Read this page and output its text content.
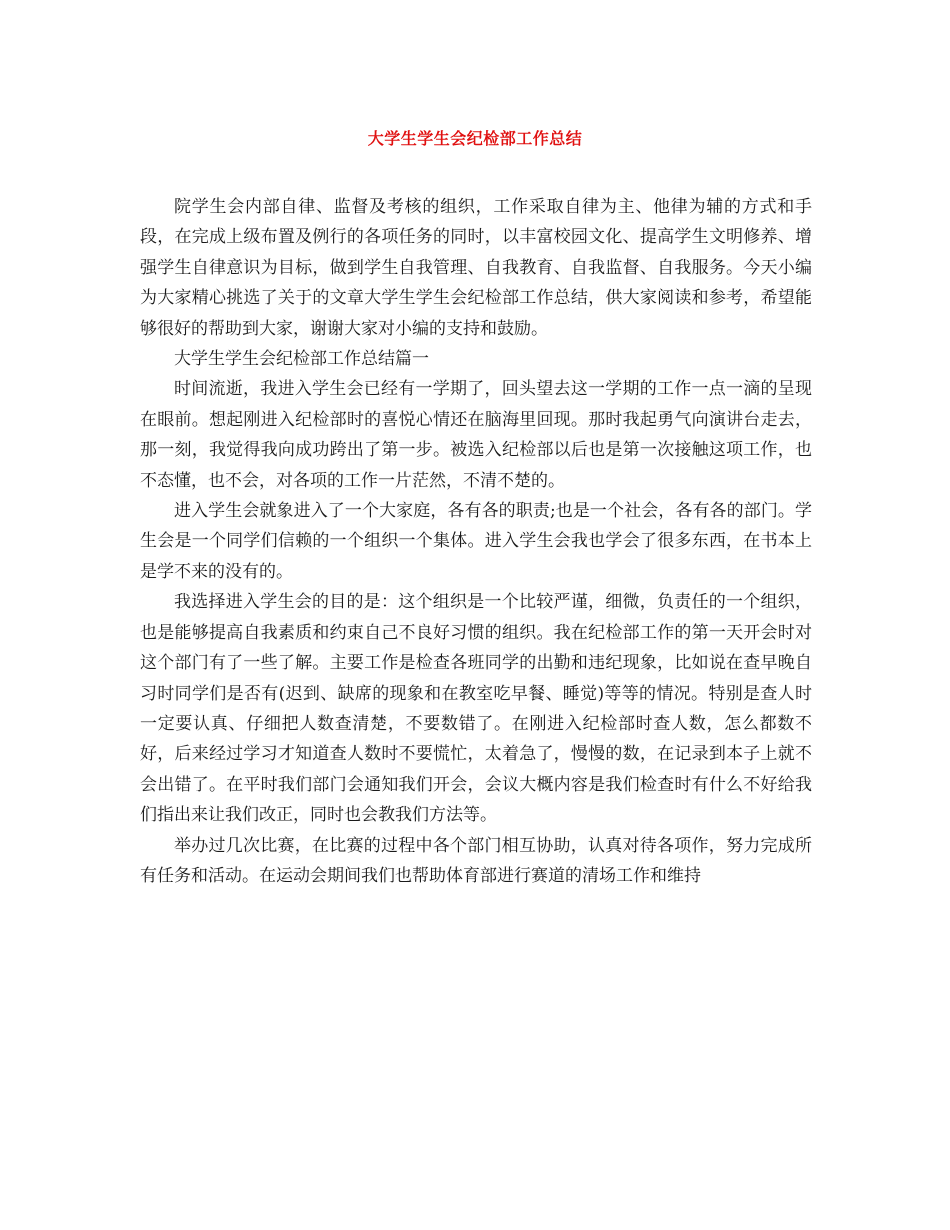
大学生学生会纪检部工作总结

院学生会内部自律、监督及考核的组织，工作采取自律为主、他律为辅的方式和手段，在完成上级布置及例行的各项任务的同时，以丰富校园文化、提高学生文明修养、增强学生自律意识为目标，做到学生自我管理、自我教育、自我监督、自我服务。今天小编为大家精心挑选了关于的文章大学生学生会纪检部工作总结，供大家阅读和参考，希望能够很好的帮助到大家，谢谢大家对小编的支持和鼓励。

大学生学生会纪检部工作总结篇一

时间流逝，我进入学生会已经有一学期了，回头望去这一学期的工作一点一滴的呈现在眼前。想起刚进入纪检部时的喜悦心情还在脑海里回现。那时我起勇气向演讲台走去，那一刻，我觉得我向成功跨出了第一步。被选入纪检部以后也是第一次接触这项工作，也不态懂，也不会，对各项的工作一片茫然，不清不楚的。

进入学生会就象进入了一个大家庭，各有各的职责;也是一个社会，各有各的部门。学生会是一个同学们信赖的一个组织一个集体。进入学生会我也学会了很多东西，在书本上是学不来的没有的。

我选择进入学生会的目的是：这个组织是一个比较严谨，细微，负责任的一个组织，也是能够提高自我素质和约束自己不良好习惯的组织。我在纪检部工作的第一天开会时对这个部门有了一些了解。主要工作是检查各班同学的出勤和违纪现象，比如说在查早晚自习时同学们是否有(迟到、缺席的现象和在教室吃早餐、睡觉)等等的情况。特别是查人时一定要认真、仔细把人数查清楚，不要数错了。在刚进入纪检部时查人数，怎么都数不好，后来经过学习才知道查人数时不要慌忙，太着急了，慢慢的数，在记录到本子上就不会出错了。在平时我们部门会通知我们开会，会议大概内容是我们检查时有什么不好给我们指出来让我们改正，同时也会教我们方法等。

举办过几次比赛，在比赛的过程中各个部门相互协助，认真对待各项作，努力完成所有任务和活动。在运动会期间我们也帮助体育部进行赛道的清场工作和维持
